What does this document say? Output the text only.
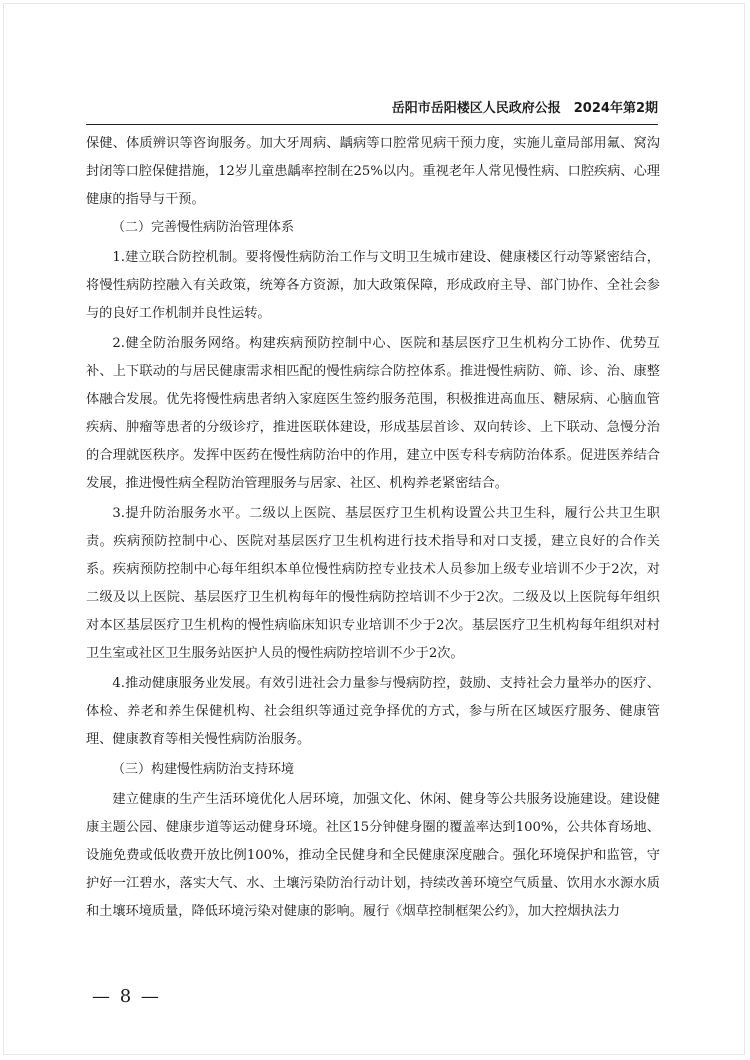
岳阳市岳阳楼区人民政府公报　2024年第2期

保健、体质辨识等咨询服务。加大牙周病、龋病等口腔常见病干预力度，实施儿童局部用氟、窝沟封闭等口腔保健措施，12岁儿童患龋率控制在25%以内。重视老年人常见慢性病、口腔疾病、心理健康的指导与干预。

（二）完善慢性病防治管理体系

1.建立联合防控机制。要将慢性病防治工作与文明卫生城市建设、健康楼区行动等紧密结合，将慢性病防控融入有关政策，统筹各方资源，加大政策保障，形成政府主导、部门协作、全社会参与的良好工作机制并良性运转。

2.健全防治服务网络。构建疾病预防控制中心、医院和基层医疗卫生机构分工协作、优势互补、上下联动的与居民健康需求相匹配的慢性病综合防控体系。推进慢性病防、筛、诊、治、康整体融合发展。优先将慢性病患者纳入家庭医生签约服务范围，积极推进高血压、糖尿病、心脑血管疾病、肿瘤等患者的分级诊疗，推进医联体建设，形成基层首诊、双向转诊、上下联动、急慢分治的合理就医秩序。发挥中医药在慢性病防治中的作用，建立中医专科专病防治体系。促进医养结合发展，推进慢性病全程防治管理服务与居家、社区、机构养老紧密结合。

3.提升防治服务水平。二级以上医院、基层医疗卫生机构设置公共卫生科，履行公共卫生职责。疾病预防控制中心、医院对基层医疗卫生机构进行技术指导和对口支援，建立良好的合作关系。疾病预防控制中心每年组织本单位慢性病防控专业技术人员参加上级专业培训不少于2次，对二级及以上医院、基层医疗卫生机构每年的慢性病防控培训不少于2次。二级及以上医院每年组织对本区基层医疗卫生机构的慢性病临床知识专业培训不少于2次。基层医疗卫生机构每年组织对村卫生室或社区卫生服务站医护人员的慢性病防控培训不少于2次。

4.推动健康服务业发展。有效引进社会力量参与慢病防控，鼓励、支持社会力量举办的医疗、体检、养老和养生保健机构、社会组织等通过竞争择优的方式，参与所在区域医疗服务、健康管理、健康教育等相关慢性病防治服务。

（三）构建慢性病防治支持环境

建立健康的生产生活环境优化人居环境，加强文化、休闲、健身等公共服务设施建设。建设健康主题公园、健康步道等运动健身环境。社区15分钟健身圈的覆盖率达到100%，公共体育场地、设施免费或低收费开放比例100%，推动全民健身和全民健康深度融合。强化环境保护和监管，守护好一江碧水，落实大气、水、土壤污染防治行动计划，持续改善环境空气质量、饮用水水源水质和土壤环境质量，降低环境污染对健康的影响。履行《烟草控制框架公约》，加大控烟执法力

— 8 —
